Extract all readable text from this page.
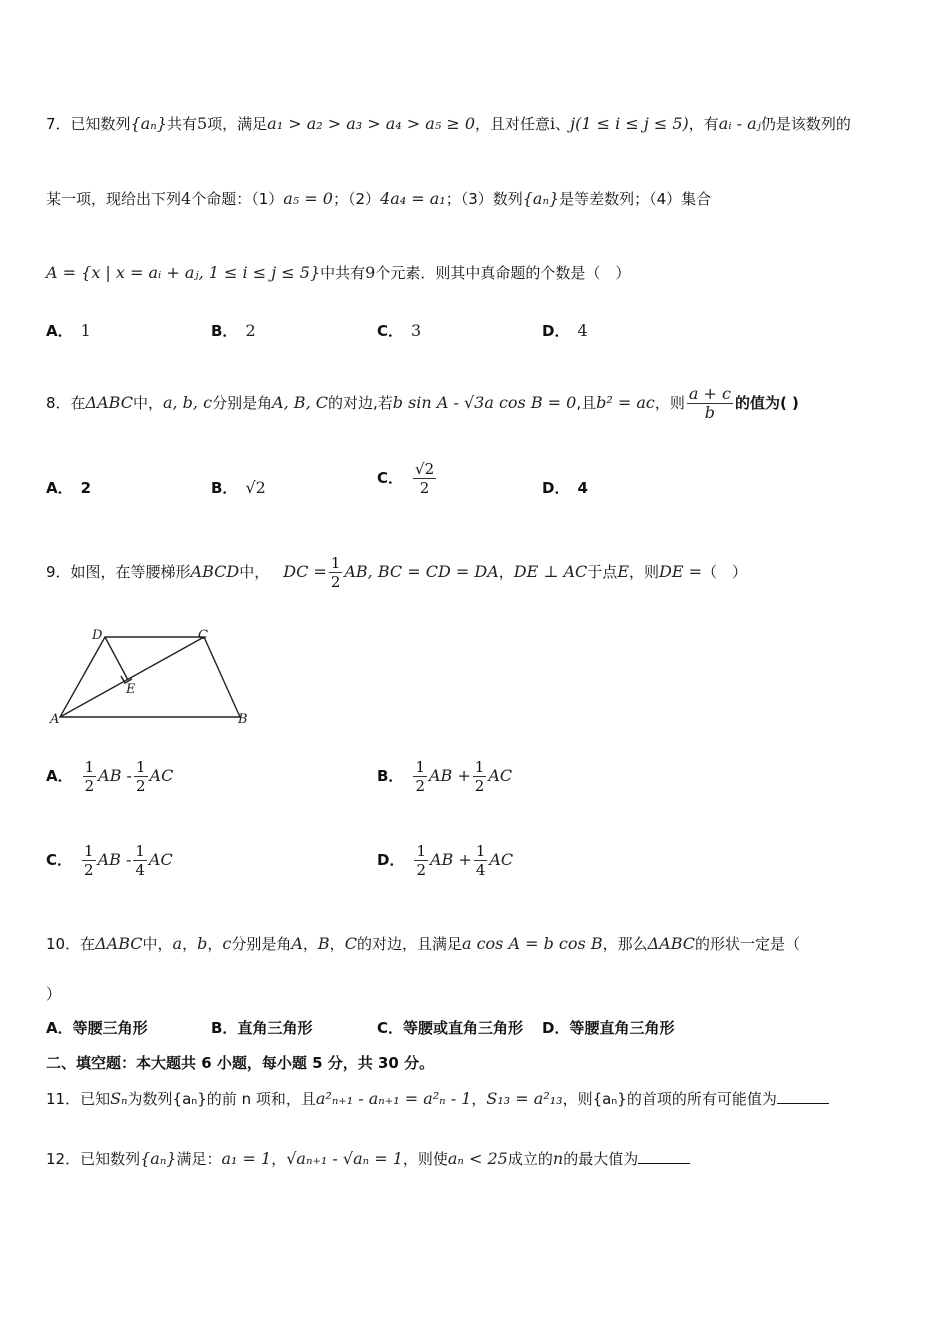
7．已知数列{aₙ}共有5项，满足a₁ > a₂ > a₃ > a₄ > a₅ ≥ 0，且对任意i、j(1 ≤ i ≤ j ≤ 5)，有aᵢ - aⱼ仍是该数列的
某一项，现给出下列4个命题：（1）a₅ = 0；（2）4a₄ = a₁；（3）数列{aₙ}是等差数列；（4）集合
A = {x | x = aᵢ + aⱼ, 1 ≤ i ≤ j ≤ 5}中共有9个元素．则其中真命题的个数是（　）
A． 1	B． 2	C． 3	D． 4
8．在ΔABC中，a, b, c分别是角A, B, C的对边,若b sin A - √3a cos B = 0,且b² = ac，则 $\frac{a + c}{b}$ 的值为( )
A． 2	B． √2	C． $\frac{√2}{2}$	D． 4
9．如图，在等腰梯形ABCD中， DC = $\frac{1}{2}$ AB, BC = CD = DA，DE ⊥ AC于点E，则DE =（　）
D	C
E
A	B
A． $\frac{1}{2}$ AB - $\frac{1}{2}$ AC	B． $\frac{1}{2}$ AB + $\frac{1}{2}$ AC
C． $\frac{1}{2}$ AB - $\frac{1}{4}$ AC	D． $\frac{1}{2}$ AB + $\frac{1}{4}$ AC
10．在ΔABC中，a，b，c分别是角A，B，C的对边，且满足a cos A = b cos B，那么ΔABC的形状一定是（
）
A．等腰三角形	B．直角三角形	C．等腰或直角三角形 D．等腰直角三角形
二、填空题：本大题共 6 小题，每小题 5 分，共 30 分。
11．已知Sₙ为数列{aₙ}的前 n 项和，且a²ₙ₊₁ - aₙ₊₁ = a²ₙ - 1，S₁₃ = a²₁₃，则{aₙ}的首项的所有可能值为
12．已知数列{aₙ}满足：a₁ = 1，√aₙ₊₁ - √aₙ = 1，则使aₙ < 25成立的n的最大值为
